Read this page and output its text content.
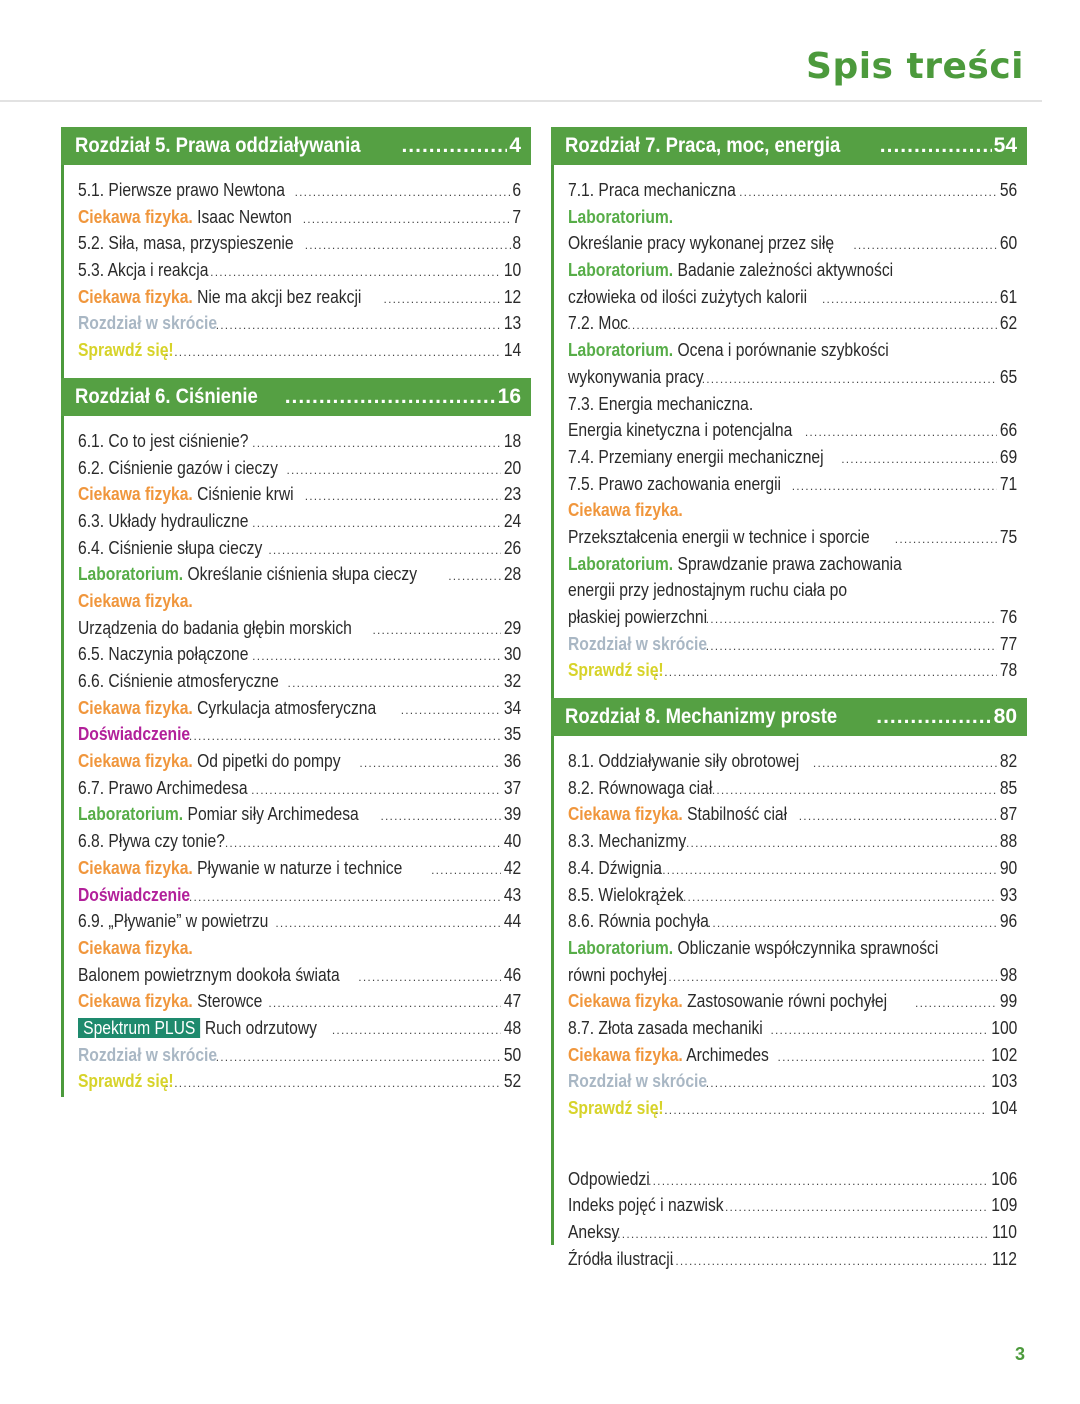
Spis treści
Rozdział 5. Prawa oddziaływania .....	4
5.1. Pierwsze prawo Newtona .....	6
Ciekawa fizyka. Isaac Newton .....	7
5.2. Siła, masa, przyspieszenie .....	8
5.3. Akcja i reakcja .....	10
Ciekawa fizyka. Nie ma akcji bez reakcji .....	12
Rozdział w skrócie .....	13
Sprawdź się! .....	14
Rozdział 6. Ciśnienie .....	16
6.1. Co to jest ciśnienie? .....	18
6.2. Ciśnienie gazów i cieczy .....	20
Ciekawa fizyka. Ciśnienie krwi .....	23
6.3. Układy hydrauliczne .....	24
6.4. Ciśnienie słupa cieczy .....	26
Laboratorium. Określanie ciśnienia słupa cieczy .....	28
Ciekawa fizyka.
Urządzenia do badania głębin morskich .....	29
6.5. Naczynia połączone .....	30
6.6. Ciśnienie atmosferyczne .....	32
Ciekawa fizyka. Cyrkulacja atmosferyczna .....	34
Doświadczenie .....	35
Ciekawa fizyka. Od pipetki do pompy .....	36
6.7. Prawo Archimedesa .....	37
Laboratorium. Pomiar siły Archimedesa .....	39
6.8. Pływa czy tonie? .....	40
Ciekawa fizyka. Pływanie w naturze i technice .....	42
Doświadczenie .....	43
6.9. „Pływanie” w powietrzu .....	44
Ciekawa fizyka.
Balonem powietrznym dookoła świata .....	46
Ciekawa fizyka. Sterowce .....	47
Spektrum PLUS Ruch odrzutowy .....	48
Rozdział w skrócie .....	50
Sprawdź się! .....	52
Rozdział 7. Praca, moc, energia .....	54
7.1. Praca mechaniczna .....	56
Laboratorium.
Określanie pracy wykonanej przez siłę .....	60
Laboratorium. Badanie zależności aktywności
człowieka od ilości zużytych kalorii .....	61
7.2. Moc .....	62
Laboratorium. Ocena i porównanie szybkości
wykonywania pracy .....	65
7.3. Energia mechaniczna.
Energia kinetyczna i potencjalna .....	66
7.4. Przemiany energii mechanicznej .....	69
7.5. Prawo zachowania energii .....	71
Ciekawa fizyka.
Przekształcenia energii w technice i sporcie .....	75
Laboratorium. Sprawdzanie prawa zachowania
energii przy jednostajnym ruchu ciała po
płaskiej powierzchni .....	76
Rozdział w skrócie .....	77
Sprawdź się! .....	78
Rozdział 8. Mechanizmy proste .....	80
8.1. Oddziaływanie siły obrotowej .....	82
8.2. Równowaga ciał .....	85
Ciekawa fizyka. Stabilność ciał .....	87
8.3. Mechanizmy .....	88
8.4. Dźwignia .....	90
8.5. Wielokrążek .....	93
8.6. Równia pochyła .....	96
Laboratorium. Obliczanie współczynnika sprawności
równi pochyłej .....	98
Ciekawa fizyka. Zastosowanie równi pochyłej .....	99
8.7. Złota zasada mechaniki .....	100
Ciekawa fizyka. Archimedes .....	102
Rozdział w skrócie .....	103
Sprawdź się! .....	104
Odpowiedzi .....	106
Indeks pojęć i nazwisk .....	109
Aneksy .....	110
Źródła ilustracji .....	112
3
